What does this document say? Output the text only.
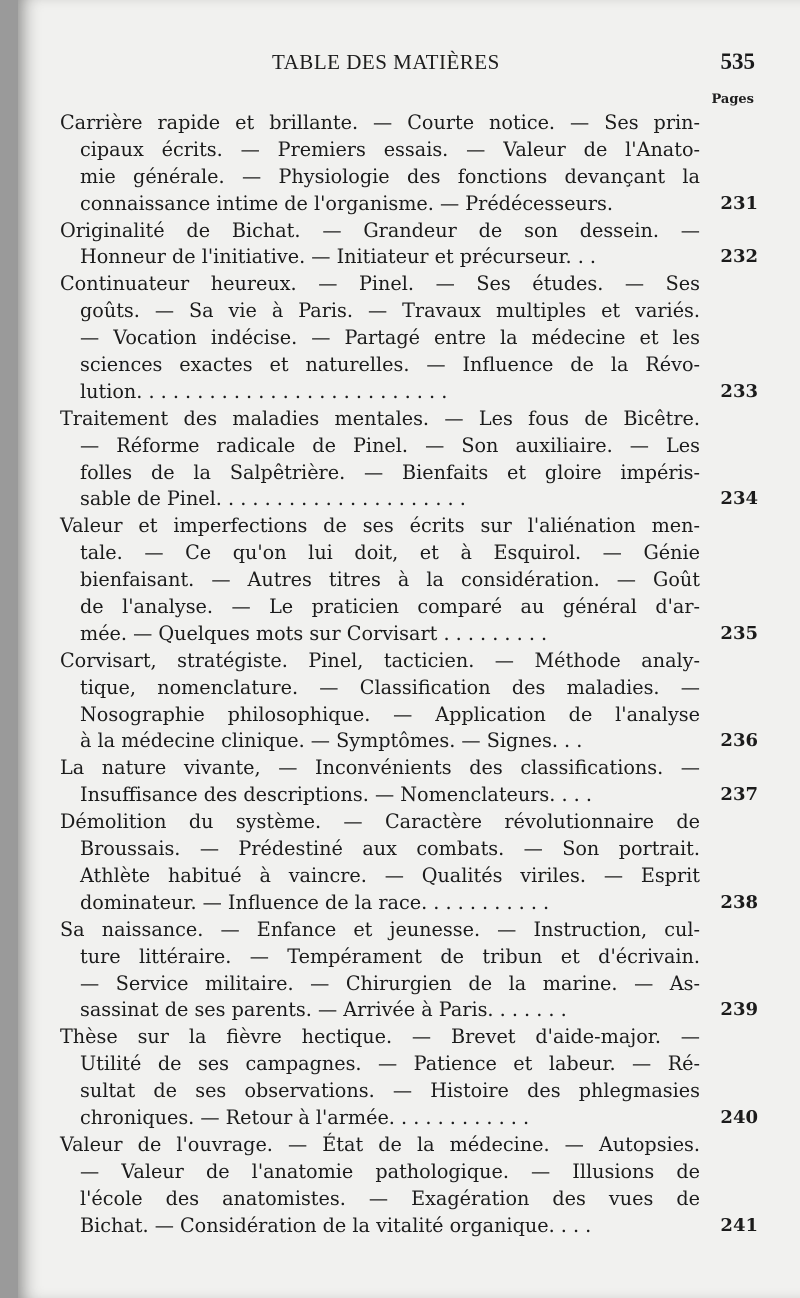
TABLE DES MATIÈRES	535
Pages
Carrière rapide et brillante. — Courte notice. — Ses prin-
cipaux écrits. — Premiers essais. — Valeur de l'Anato-
mie générale. — Physiologie des fonctions devançant la
connaissance intime de l'organisme. — Prédécesseurs.	231
Originalité de Bichat. — Grandeur de son dessein. —
Honneur de l'initiative. — Initiateur et précurseur. . .	232
Continuateur heureux. — Pinel. — Ses études. — Ses
goûts. — Sa vie à Paris. — Travaux multiples et variés.
— Vocation indécise. — Partagé entre la médecine et les
sciences exactes et naturelles. — Influence de la Révo-
lution. . . . . . . . . . . . . . . . . . . . . . . . . .	233
Traitement des maladies mentales. — Les fous de Bicêtre.
— Réforme radicale de Pinel. — Son auxiliaire. — Les
folles de la Salpêtrière. — Bienfaits et gloire impéris-
sable de Pinel. . . . . . . . . . . . . . . . . . . . .	234
Valeur et imperfections de ses écrits sur l'aliénation men-
tale. — Ce qu'on lui doit, et à Esquirol. — Génie
bienfaisant. — Autres titres à la considération. — Goût
de l'analyse. — Le praticien comparé au général d'ar-
mée. — Quelques mots sur Corvisart . . . . . . . . .	235
Corvisart, stratégiste. Pinel, tacticien. — Méthode analy-
tique, nomenclature. — Classification des maladies. —
Nosographie philosophique. — Application de l'analyse
à la médecine clinique. — Symptômes. — Signes. . .	236
La nature vivante, — Inconvénients des classifications. —
Insuffisance des descriptions. — Nomenclateurs. . . .	237
Démolition du système. — Caractère révolutionnaire de
Broussais. — Prédestiné aux combats. — Son portrait.
Athlète habitué à vaincre. — Qualités viriles. — Esprit
dominateur. — Influence de la race. . . . . . . . . . .	238
Sa naissance. — Enfance et jeunesse. — Instruction, cul-
ture littéraire. — Tempérament de tribun et d'écrivain.
— Service militaire. — Chirurgien de la marine. — As-
sassinat de ses parents. — Arrivée à Paris. . . . . . .	239
Thèse sur la fièvre hectique. — Brevet d'aide-major. —
Utilité de ses campagnes. — Patience et labeur. — Ré-
sultat de ses observations. — Histoire des phlegmasies
chroniques. — Retour à l'armée. . . . . . . . . . . .	240
Valeur de l'ouvrage. — État de la médecine. — Autopsies.
— Valeur de l'anatomie pathologique. — Illusions de
l'école des anatomistes. — Exagération des vues de
Bichat. — Considération de la vitalité organique. . . .	241
